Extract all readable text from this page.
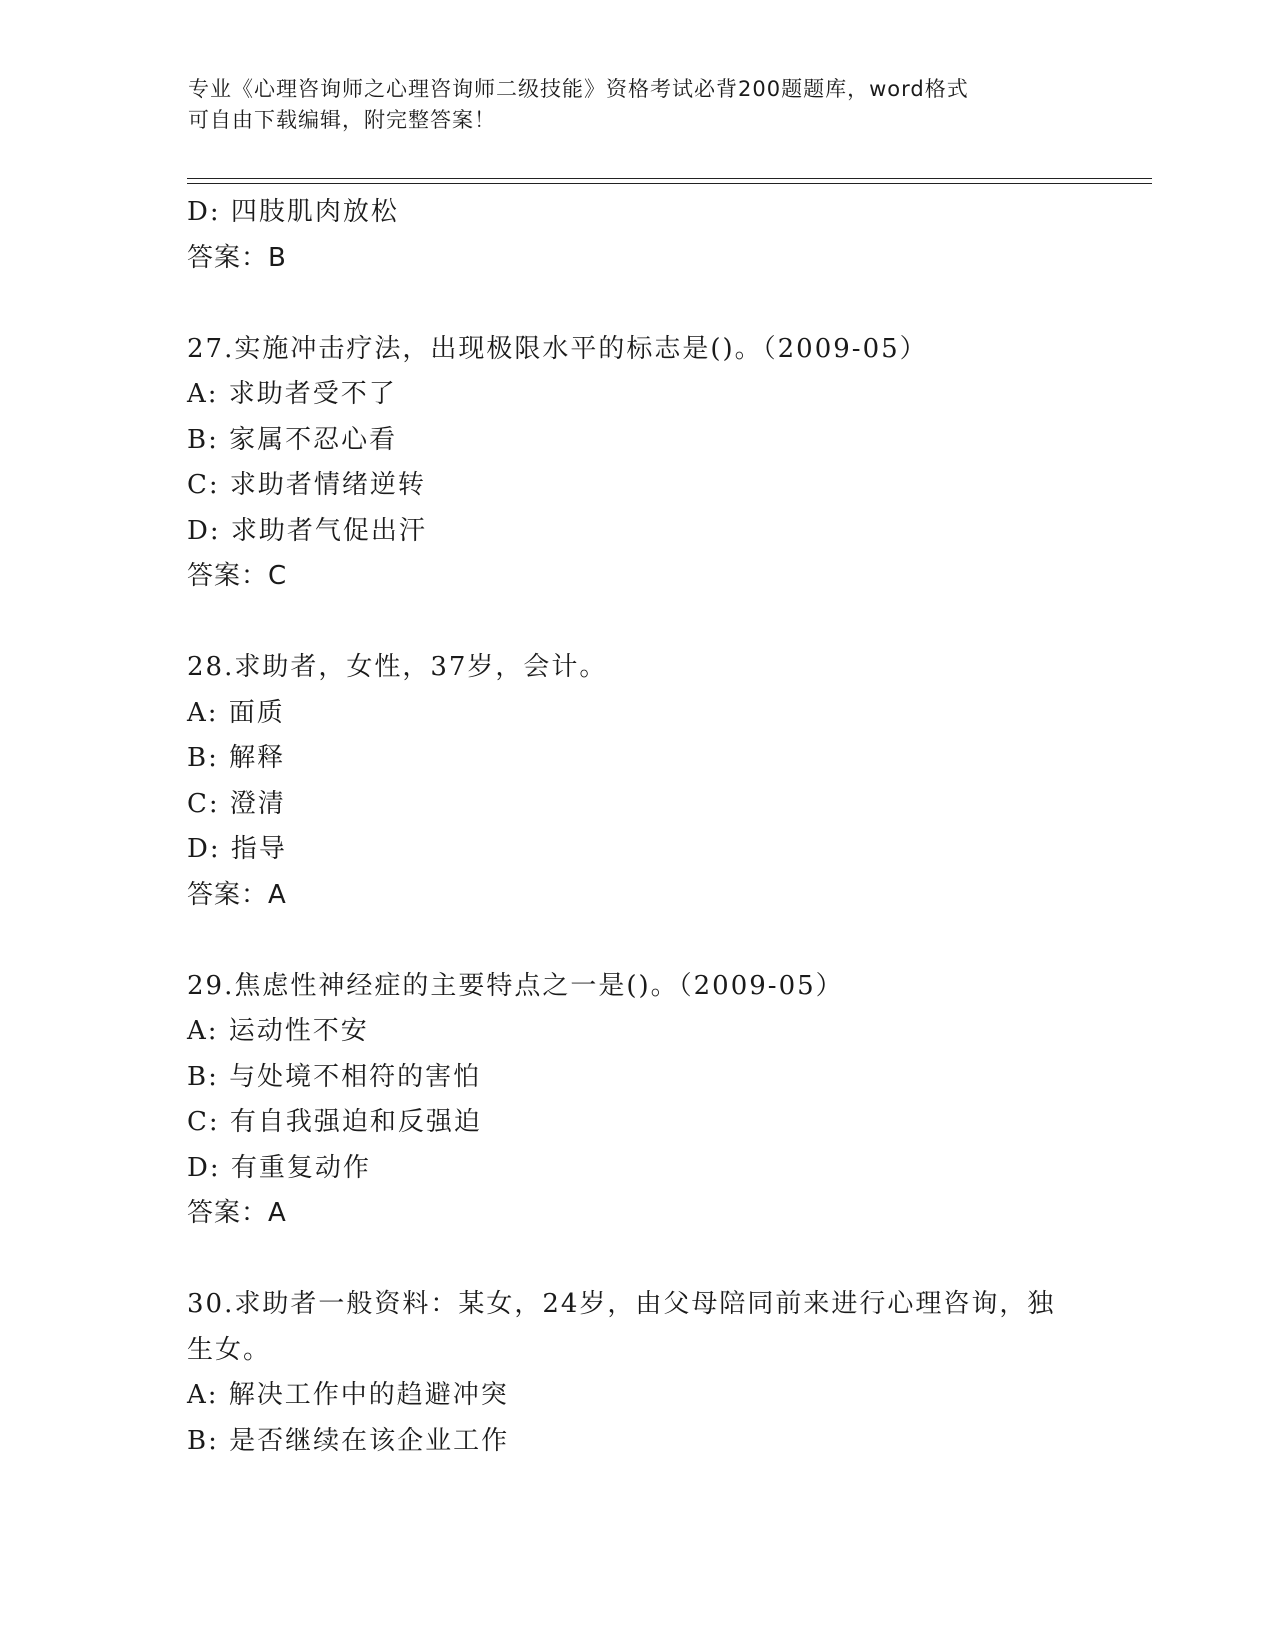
专业《心理咨询师之心理咨询师二级技能》资格考试必背200题题库，word格式
可自由下载编辑，附完整答案！
D: 四肢肌肉放松
答案：B
27.实施冲击疗法，出现极限水平的标志是()。（2009-05）
A: 求助者受不了
B: 家属不忍心看
C: 求助者情绪逆转
D: 求助者气促出汗
答案：C
28.求助者，女性，37岁，会计。
A: 面质
B: 解释
C: 澄清
D: 指导
答案：A
29.焦虑性神经症的主要特点之一是()。（2009-05）
A: 运动性不安
B: 与处境不相符的害怕
C: 有自我强迫和反强迫
D: 有重复动作
答案：A
30.求助者一般资料：某女，24岁，由父母陪同前来进行心理咨询，独
生女。
A: 解决工作中的趋避冲突
B: 是否继续在该企业工作
